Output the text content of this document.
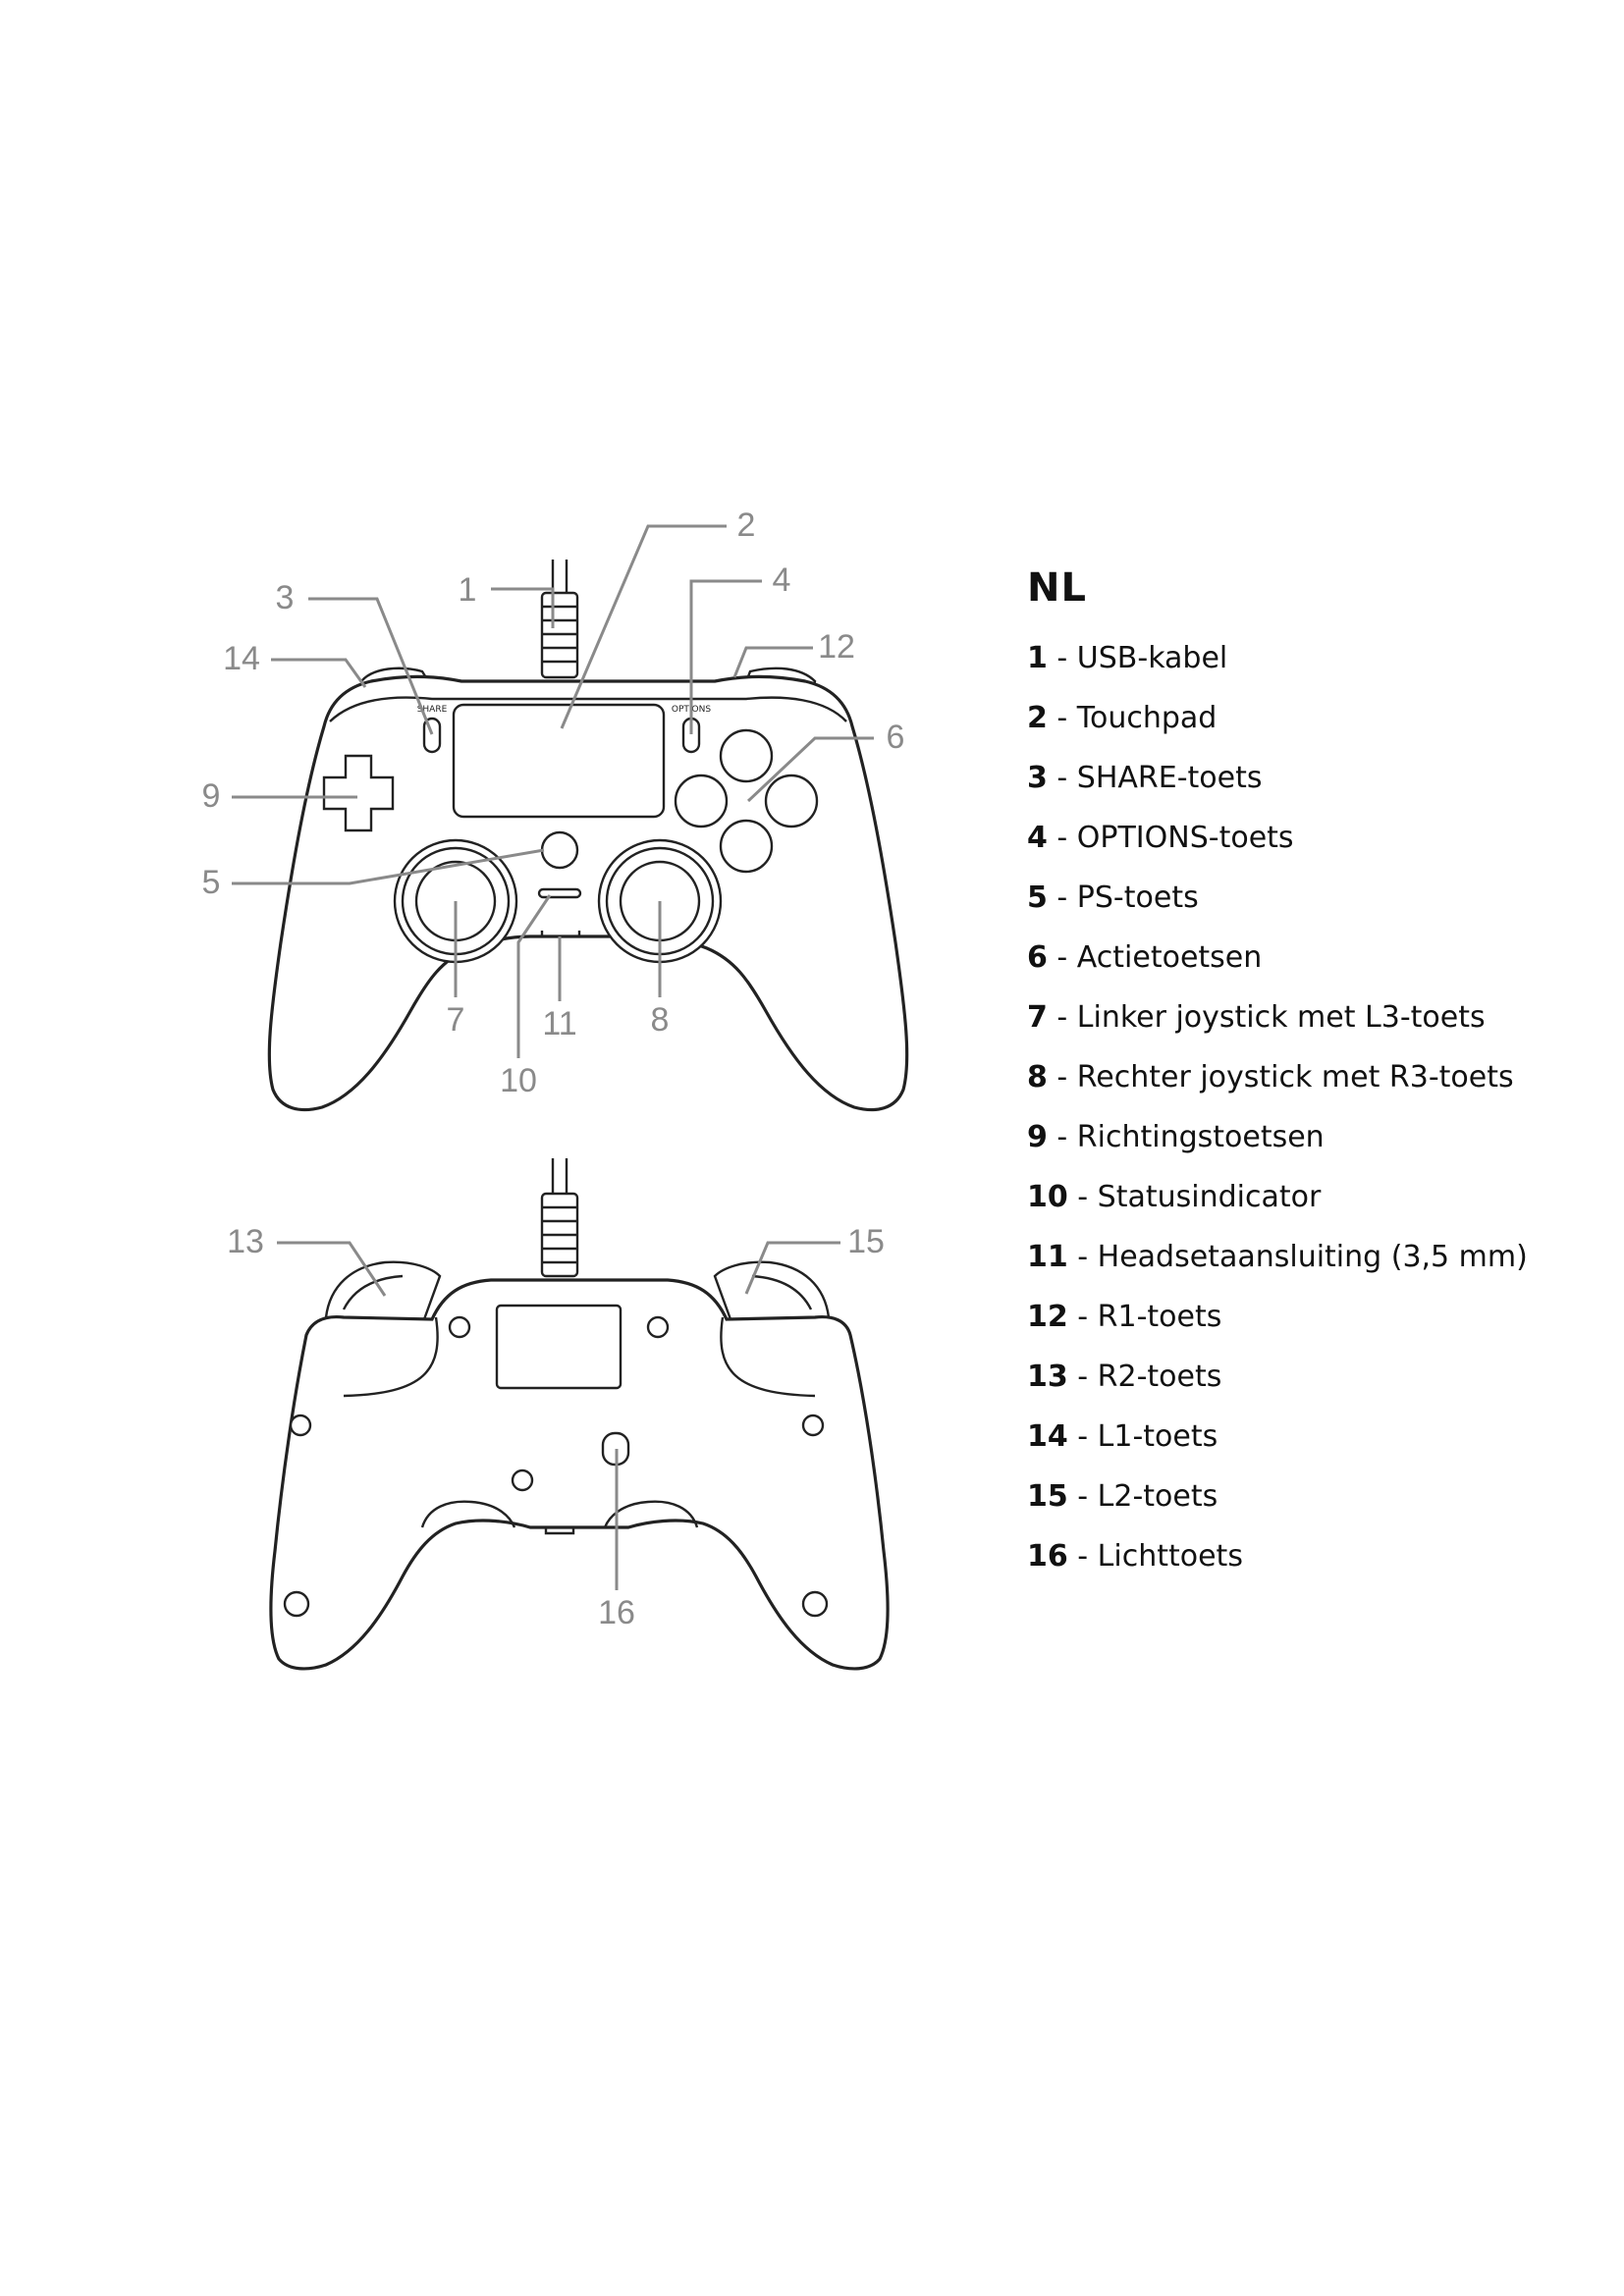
SHARE	OPTIONS
1
2
3	4
5
6
7	8
9
10
11
12
14
13	15
16
NL
1 - USB-kabel
2 - Touchpad
3 - SHARE-toets
4 - OPTIONS-toets
5 - PS-toets
6 - Actietoetsen
7 - Linker joystick met L3-toets
8 - Rechter joystick met R3-toets
9 - Richtingstoetsen
10 - Statusindicator
11 - Headsetaansluiting (3,5 mm)
12 - R1-toets
13 - R2-toets
14 - L1-toets
15 - L2-toets
16 - Lichttoets
